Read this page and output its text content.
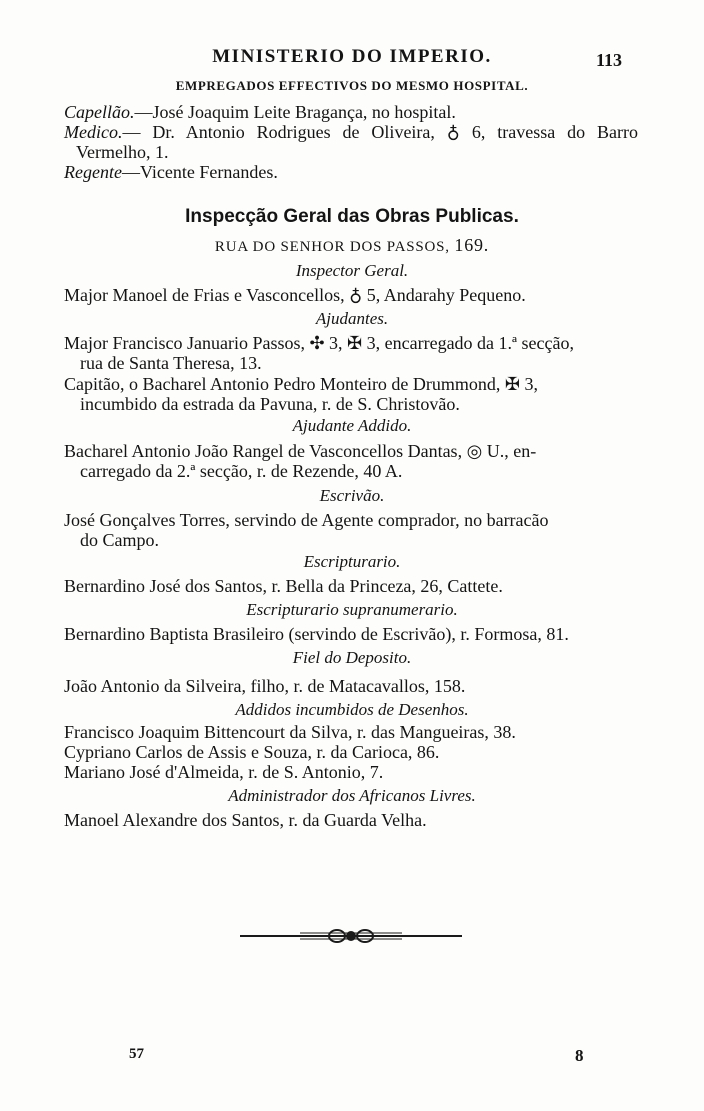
MINISTERIO DO IMPERIO.	113
EMPREGADOS EFFECTIVOS DO MESMO HOSPITAL.

Capellão.—José Joaquim Leite Bragança, no hospital.

Medico.— Dr. Antonio Rodrigues de Oliveira, ♁ 6, travessa do Barro Vermelho, 1.

Regente—Vicente Fernandes.

Inspecção Geral das Obras Publicas.
RUA DO SENHOR DOS PASSOS, 169.
Inspector Geral.
Major Manoel de Frias e Vasconcellos, ♁ 5, Andarahy Pequeno.
Ajudantes.
Major Francisco Januario Passos, ✣ 3, ✠ 3, encarregado da 1.ª secção,
rua de Santa Theresa, 13.
Capitão, o Bacharel Antonio Pedro Monteiro de Drummond, ✠ 3,
incumbido da estrada da Pavuna, r. de S. Christovão.
Ajudante Addido.
Bacharel Antonio João Rangel de Vasconcellos Dantas, ◎ U., en-
carregado da 2.ª secção, r. de Rezende, 40 A.
Escrivão.
José Gonçalves Torres, servindo de Agente comprador, no barracão
do Campo.
Escripturario.
Bernardino José dos Santos, r. Bella da Princeza, 26, Cattete.
Escripturario supranumerario.
Bernardino Baptista Brasileiro (servindo de Escrivão), r. Formosa, 81.
Fiel do Deposito.
João Antonio da Silveira, filho, r. de Matacavallos, 158.
Addidos incumbidos de Desenhos.
Francisco Joaquim Bittencourt da Silva, r. das Mangueiras, 38.
Cypriano Carlos de Assis e Souza, r. da Carioca, 86.
Mariano José d'Almeida, r. de S. Antonio, 7.
Administrador dos Africanos Livres.
Manoel Alexandre dos Santos, r. da Guarda Velha.
57	8
